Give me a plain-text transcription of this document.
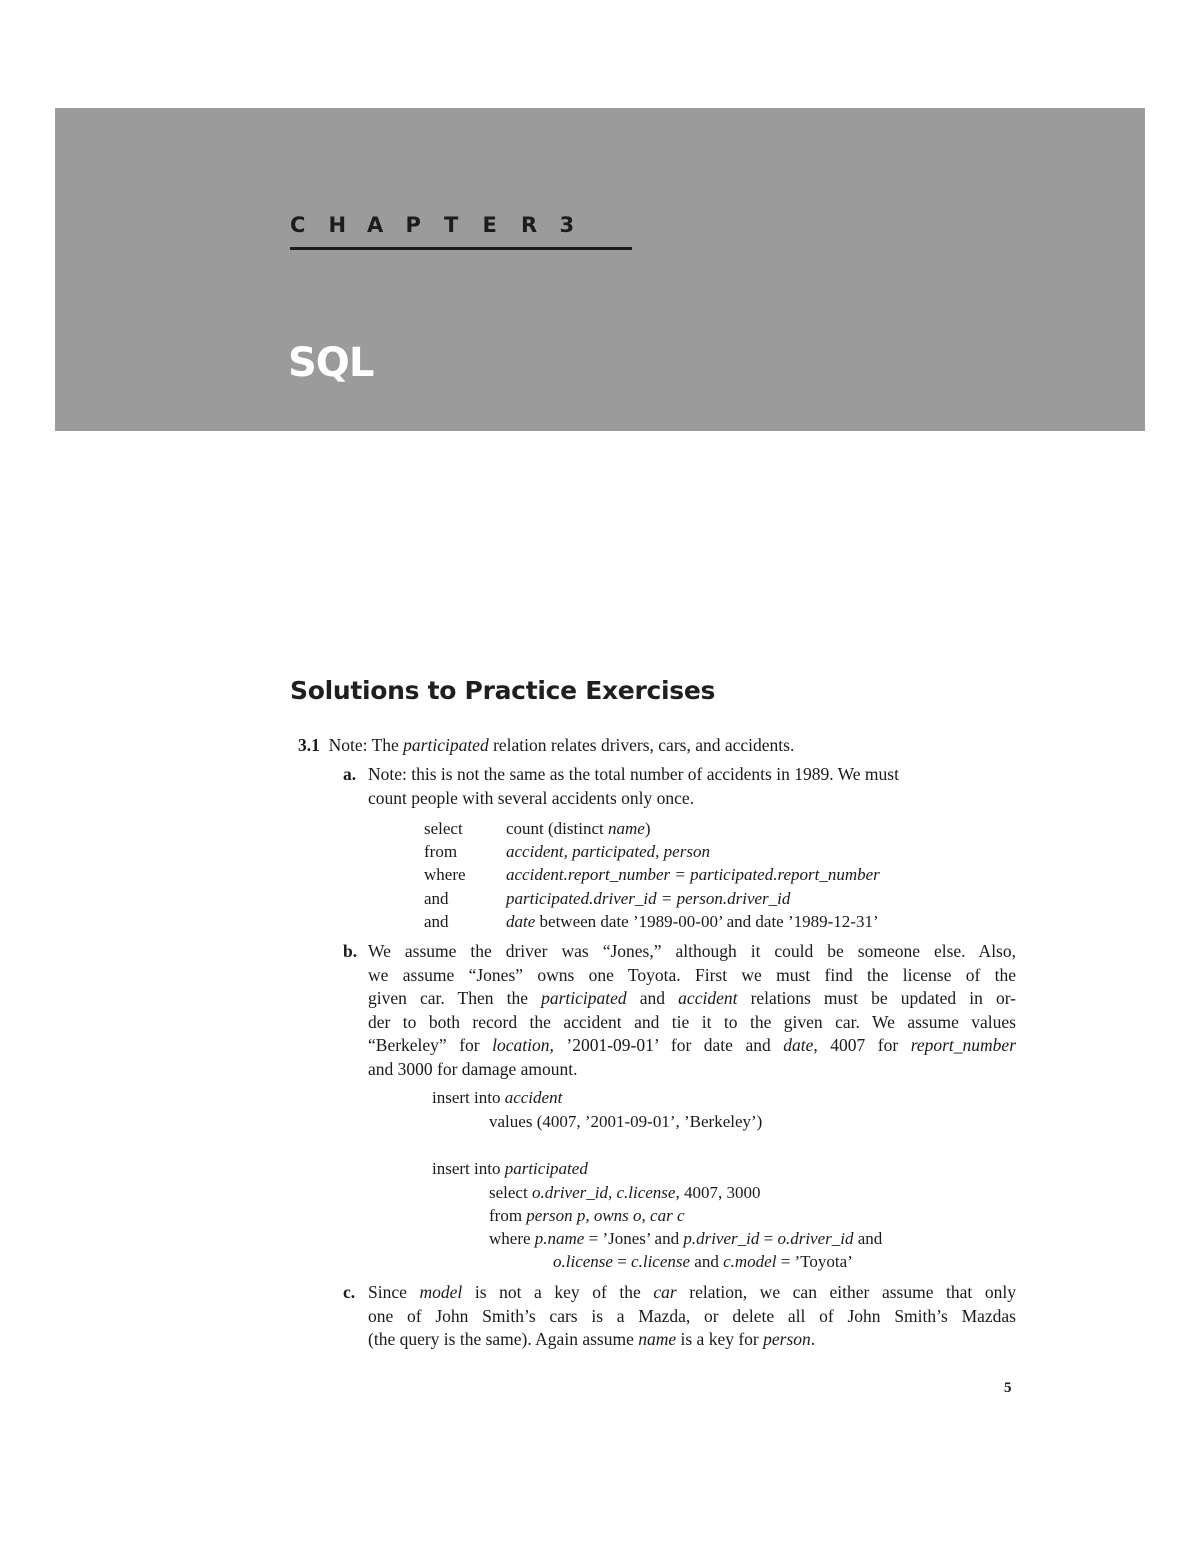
C H A P T E R 3
SQL
Solutions to Practice Exercises
3.1 Note: The participated relation relates drivers, cars, and accidents.
a. Note: this is not the same as the total number of accidents in 1989. We must
count people with several accidents only once.
select	count (distinct name)
from	accident, participated, person
where accident.report_number = participated.report_number
and	participated.driver_id = person.driver_id
and	date between date ’1989-00-00’ and date ’1989-12-31’
b. We assume the driver was “Jones,” although it could be someone else. Also,
we assume “Jones” owns one Toyota. First we must find the license of the
given car. Then the participated and accident relations must be updated in or-
der to both record the accident and tie it to the given car. We assume values
“Berkeley” for location, ’2001-09-01’ for date and date, 4007 for report_number
and 3000 for damage amount.
insert into accident
values (4007, ’2001-09-01’, ’Berkeley’)
insert into participated
select o.driver_id, c.license, 4007, 3000
from person p, owns o, car c
where p.name = ’Jones’ and p.driver_id = o.driver_id and
o.license = c.license and c.model = ’Toyota’
c. Since model is not a key of the car relation, we can either assume that only
one of John Smith’s cars is a Mazda, or delete all of John Smith’s Mazdas
(the query is the same). Again assume name is a key for person.
5
